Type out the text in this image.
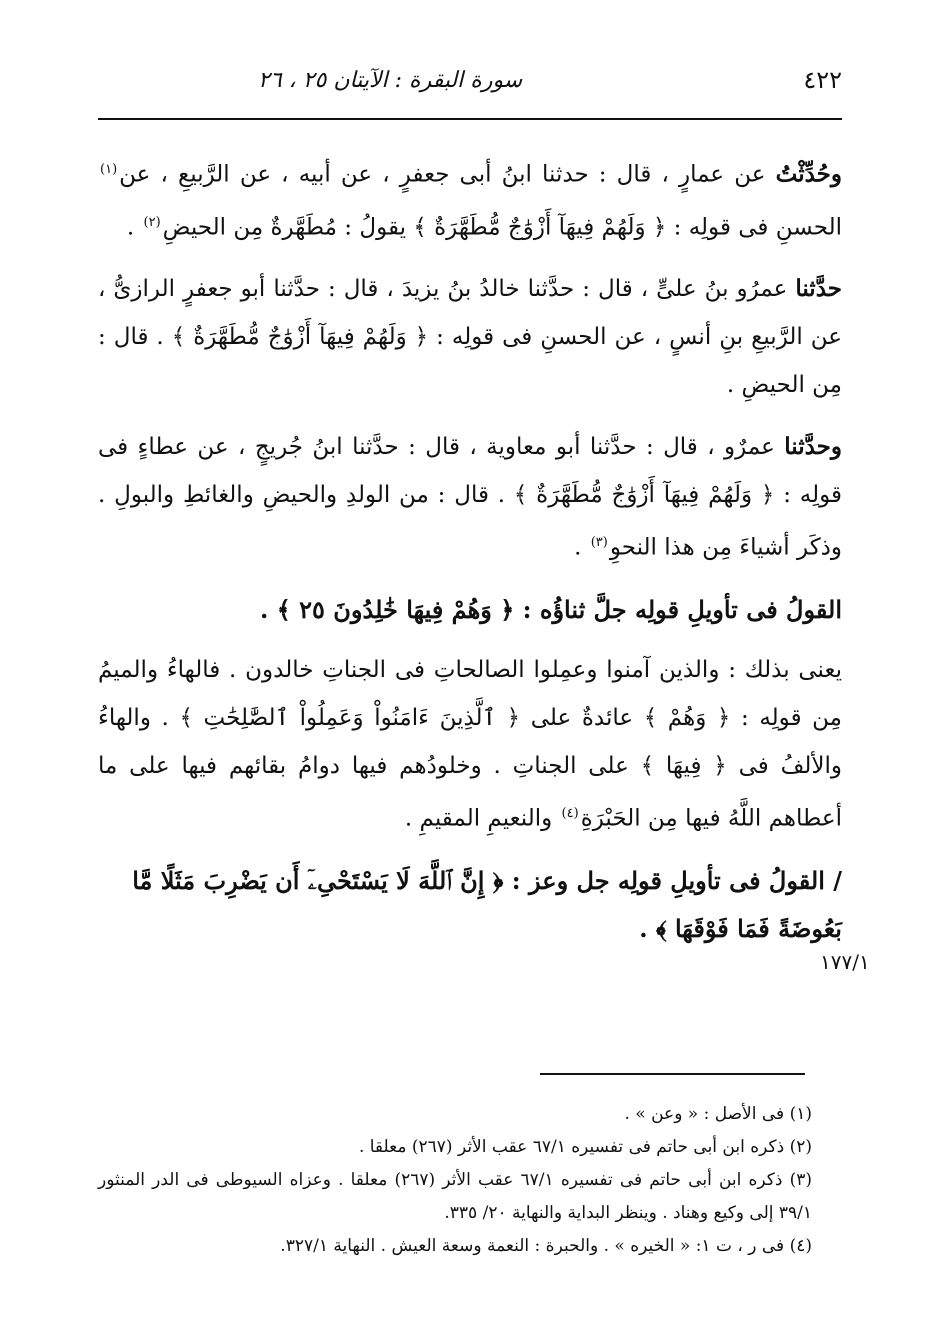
٤٢٢
سورة البقرة : الآيتان ٢٥ ، ٢٦

وحُدِّثْتُ عن عمارٍ ، قال : حدثنا ابنُ أبى جعفرٍ ، عن أبيه ، عن الرَّبيعِ ، عن$^{(١)}$ الحسنِ فى قولِه : ﴿ وَلَهُمْ فِيهَآ أَزْوَٰجٌ مُّطَهَّرَةٌ ﴾ يقولُ : مُطَهَّرةٌ مِن الحيضِ$^{(٢)}$ .

حدَّثنا عمرُو بنُ علىٍّ ، قال : حدَّثنا خالدُ بنُ يزيدَ ، قال : حدَّثنا أبو جعفرٍ الرازىُّ ، عن الرَّبيعِ بنِ أنسٍ ، عن الحسنِ فى قولِه : ﴿ وَلَهُمْ فِيهَآ أَزْوَٰجٌ مُّطَهَّرَةٌ ﴾ . قال : مِن الحيضِ .

وحدَّثنا عمرٌو ، قال : حدَّثنا أبو معاوية ، قال : حدَّثنا ابنُ جُريجٍ ، عن عطاءٍ فى قولِه : ﴿ وَلَهُمْ فِيهَآ أَزْوَٰجٌ مُّطَهَّرَةٌ ﴾ . قال : من الولدِ والحيضِ والغائطِ والبولِ . وذكَر أشياءَ مِن هذا النحوِ$^{(٣)}$ .

القولُ فى تأويلِ قولِه جلَّ ثناؤُه : ﴿ وَهُمْ فِيهَا خَٰلِدُونَ ٢٥ ﴾ .

يعنى بذلك : والذين آمنوا وعمِلوا الصالحاتِ فى الجناتِ خالدون . فالهاءُ والميمُ مِن قولِه : ﴿ وَهُمْ ﴾ عائدةٌ على ﴿ ٱلَّذِينَ ءَامَنُواْ وَعَمِلُواْ ٱلصَّٰلِحَٰتِ ﴾ . والهاءُ والألفُ فى ﴿ فِيهَا ﴾ على الجناتِ . وخلودُهم فيها دوامُ بقائهم فيها على ما أعطاهم اللَّهُ فيها مِن الحَبْرَةِ$^{(٤)}$ والنعيمِ المقيمِ .

/ القولُ فى تأويلِ قولِه جل وعز : ﴿ إِنَّ ٱللَّهَ لَا يَسْتَحْىِۦٓ أَن يَضْرِبَ مَثَلًا مَّا بَعُوضَةً فَمَا فَوْقَهَا ﴾ .

١٧٧/١

(١) فى الأصل : « وعن » .

(٢) ذكره ابن أبى حاتم فى تفسيره ٦٧/١ عقب الأثر (٢٦٧) معلقا .

(٣) ذكره ابن أبى حاتم فى تفسيره ٦٧/١ عقب الأثر (٢٦٧) معلقا . وعزاه السيوطى فى الدر المنثور ٣٩/١ إلى وكيع وهناد . وينظر البداية والنهاية ٢٠/ ٣٣٥.

(٤) فى ر ، ت ١: « الخيره » . والحبرة : النعمة وسعة العيش . النهاية ٣٢٧/١.
